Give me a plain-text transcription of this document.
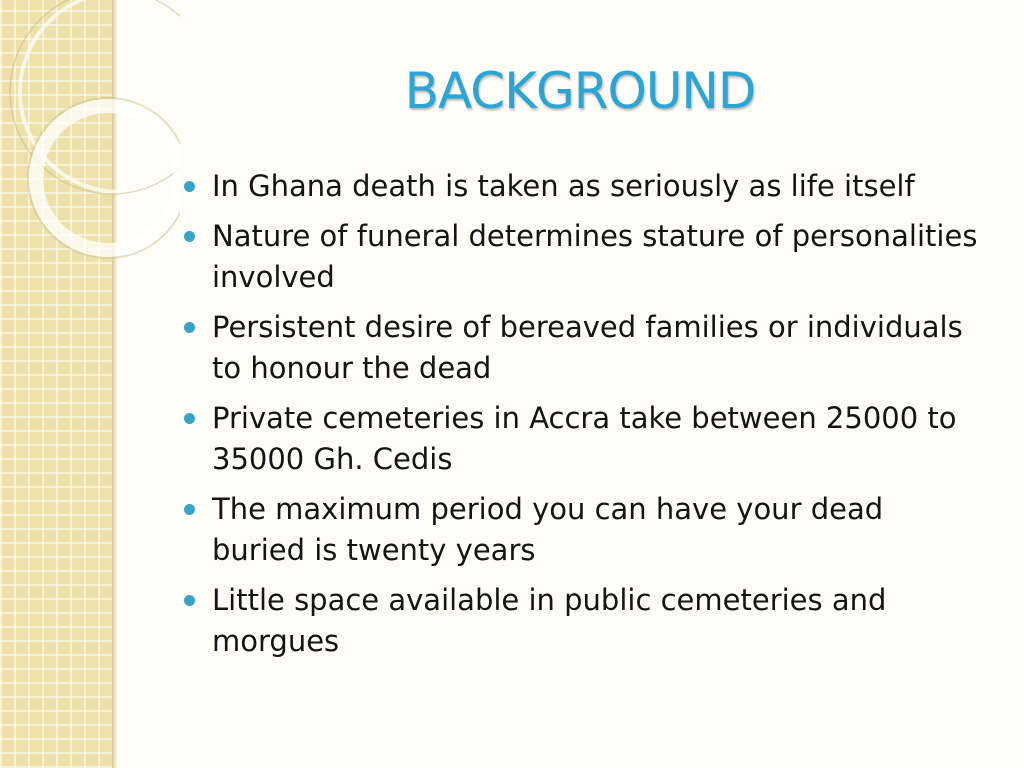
BACKGROUND
In Ghana death is taken as seriously as life itself
Nature of funeral determines stature of personalities involved
Persistent desire of bereaved families or individuals to honour the dead
Private cemeteries in Accra take between 25000 to 35000 Gh. Cedis
The maximum period you can have your dead buried is twenty years
Little space available in public cemeteries and morgues
